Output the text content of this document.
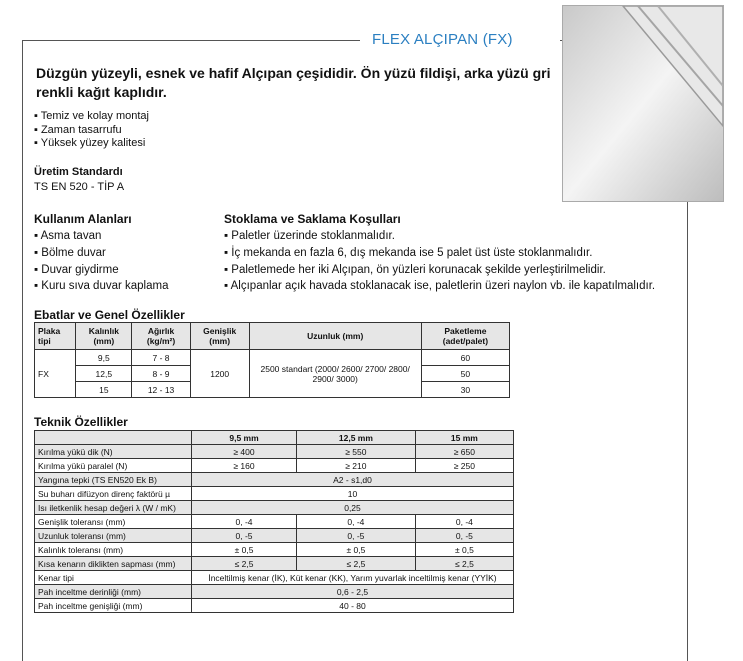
FLEX ALÇIPAN (FX)
Düzgün yüzeyli, esnek ve hafif Alçıpan çeşididir. Ön yüzü fildişi, arka yüzü gri renkli kağıt kaplıdır.
▪ Temiz ve kolay montaj
▪ Zaman tasarrufu
▪ Yüksek yüzey kalitesi
Üretim Standardı
TS EN 520 - TİP A
Kullanım Alanları
▪ Asma tavan
▪ Bölme duvar
▪ Duvar giydirme
▪ Kuru sıva duvar kaplama
Stoklama ve Saklama Koşulları
▪ Paletler üzerinde stoklanmalıdır.
▪ İç mekanda en fazla 6, dış mekanda ise 5 palet üst üste stoklanmalıdır.
▪ Paletlemede her iki Alçıpan, ön yüzleri korunacak şekilde yerleştirilmelidir.
▪ Alçıpanlar açık havada stoklanacak ise, paletlerin üzeri naylon vb. ile kapatılmalıdır.
Ebatlar ve Genel Özellikler
Plaka tipi	Kalınlık (mm)	Ağırlık (kg/m²)	Genişlik (mm)	Uzunluk (mm)	Paketleme (adet/palet)
FX	9,5	7 - 8	1200	2500 standart (2000/ 2600/ 2700/ 2800/ 2900/ 3000)	60
	12,5	8 - 9			50
	15	12 - 13			30
Teknik Özellikler
	9,5 mm	12,5 mm	15 mm
Kırılma yükü dik (N)	≥ 400	≥ 550	≥ 650
Kırılma yükü paralel (N)	≥ 160	≥ 210	≥ 250
Yangına tepki (TS EN520 Ek B)	A2 - s1,d0		
Su buharı difüzyon direnç faktörü µ	10		
Isı iletkenlik hesap değeri λ (W / mK)	0,25		
Genişlik toleransı (mm)	0, -4	0, -4	0, -4
Uzunluk toleransı (mm)	0, -5	0, -5	0, -5
Kalınlık toleransı (mm)	± 0,5	± 0,5	± 0,5
Kısa kenarın diklikten sapması (mm)	≤ 2,5	≤ 2,5	≤ 2,5
Kenar tipi	İnceltilmiş kenar (İK), Küt kenar (KK), Yarım yuvarlak inceltilmiş kenar (YYİK)		
Pah inceltme derinliği (mm)	0,6 - 2,5		
Pah inceltme genişliği (mm)	40 - 80		
